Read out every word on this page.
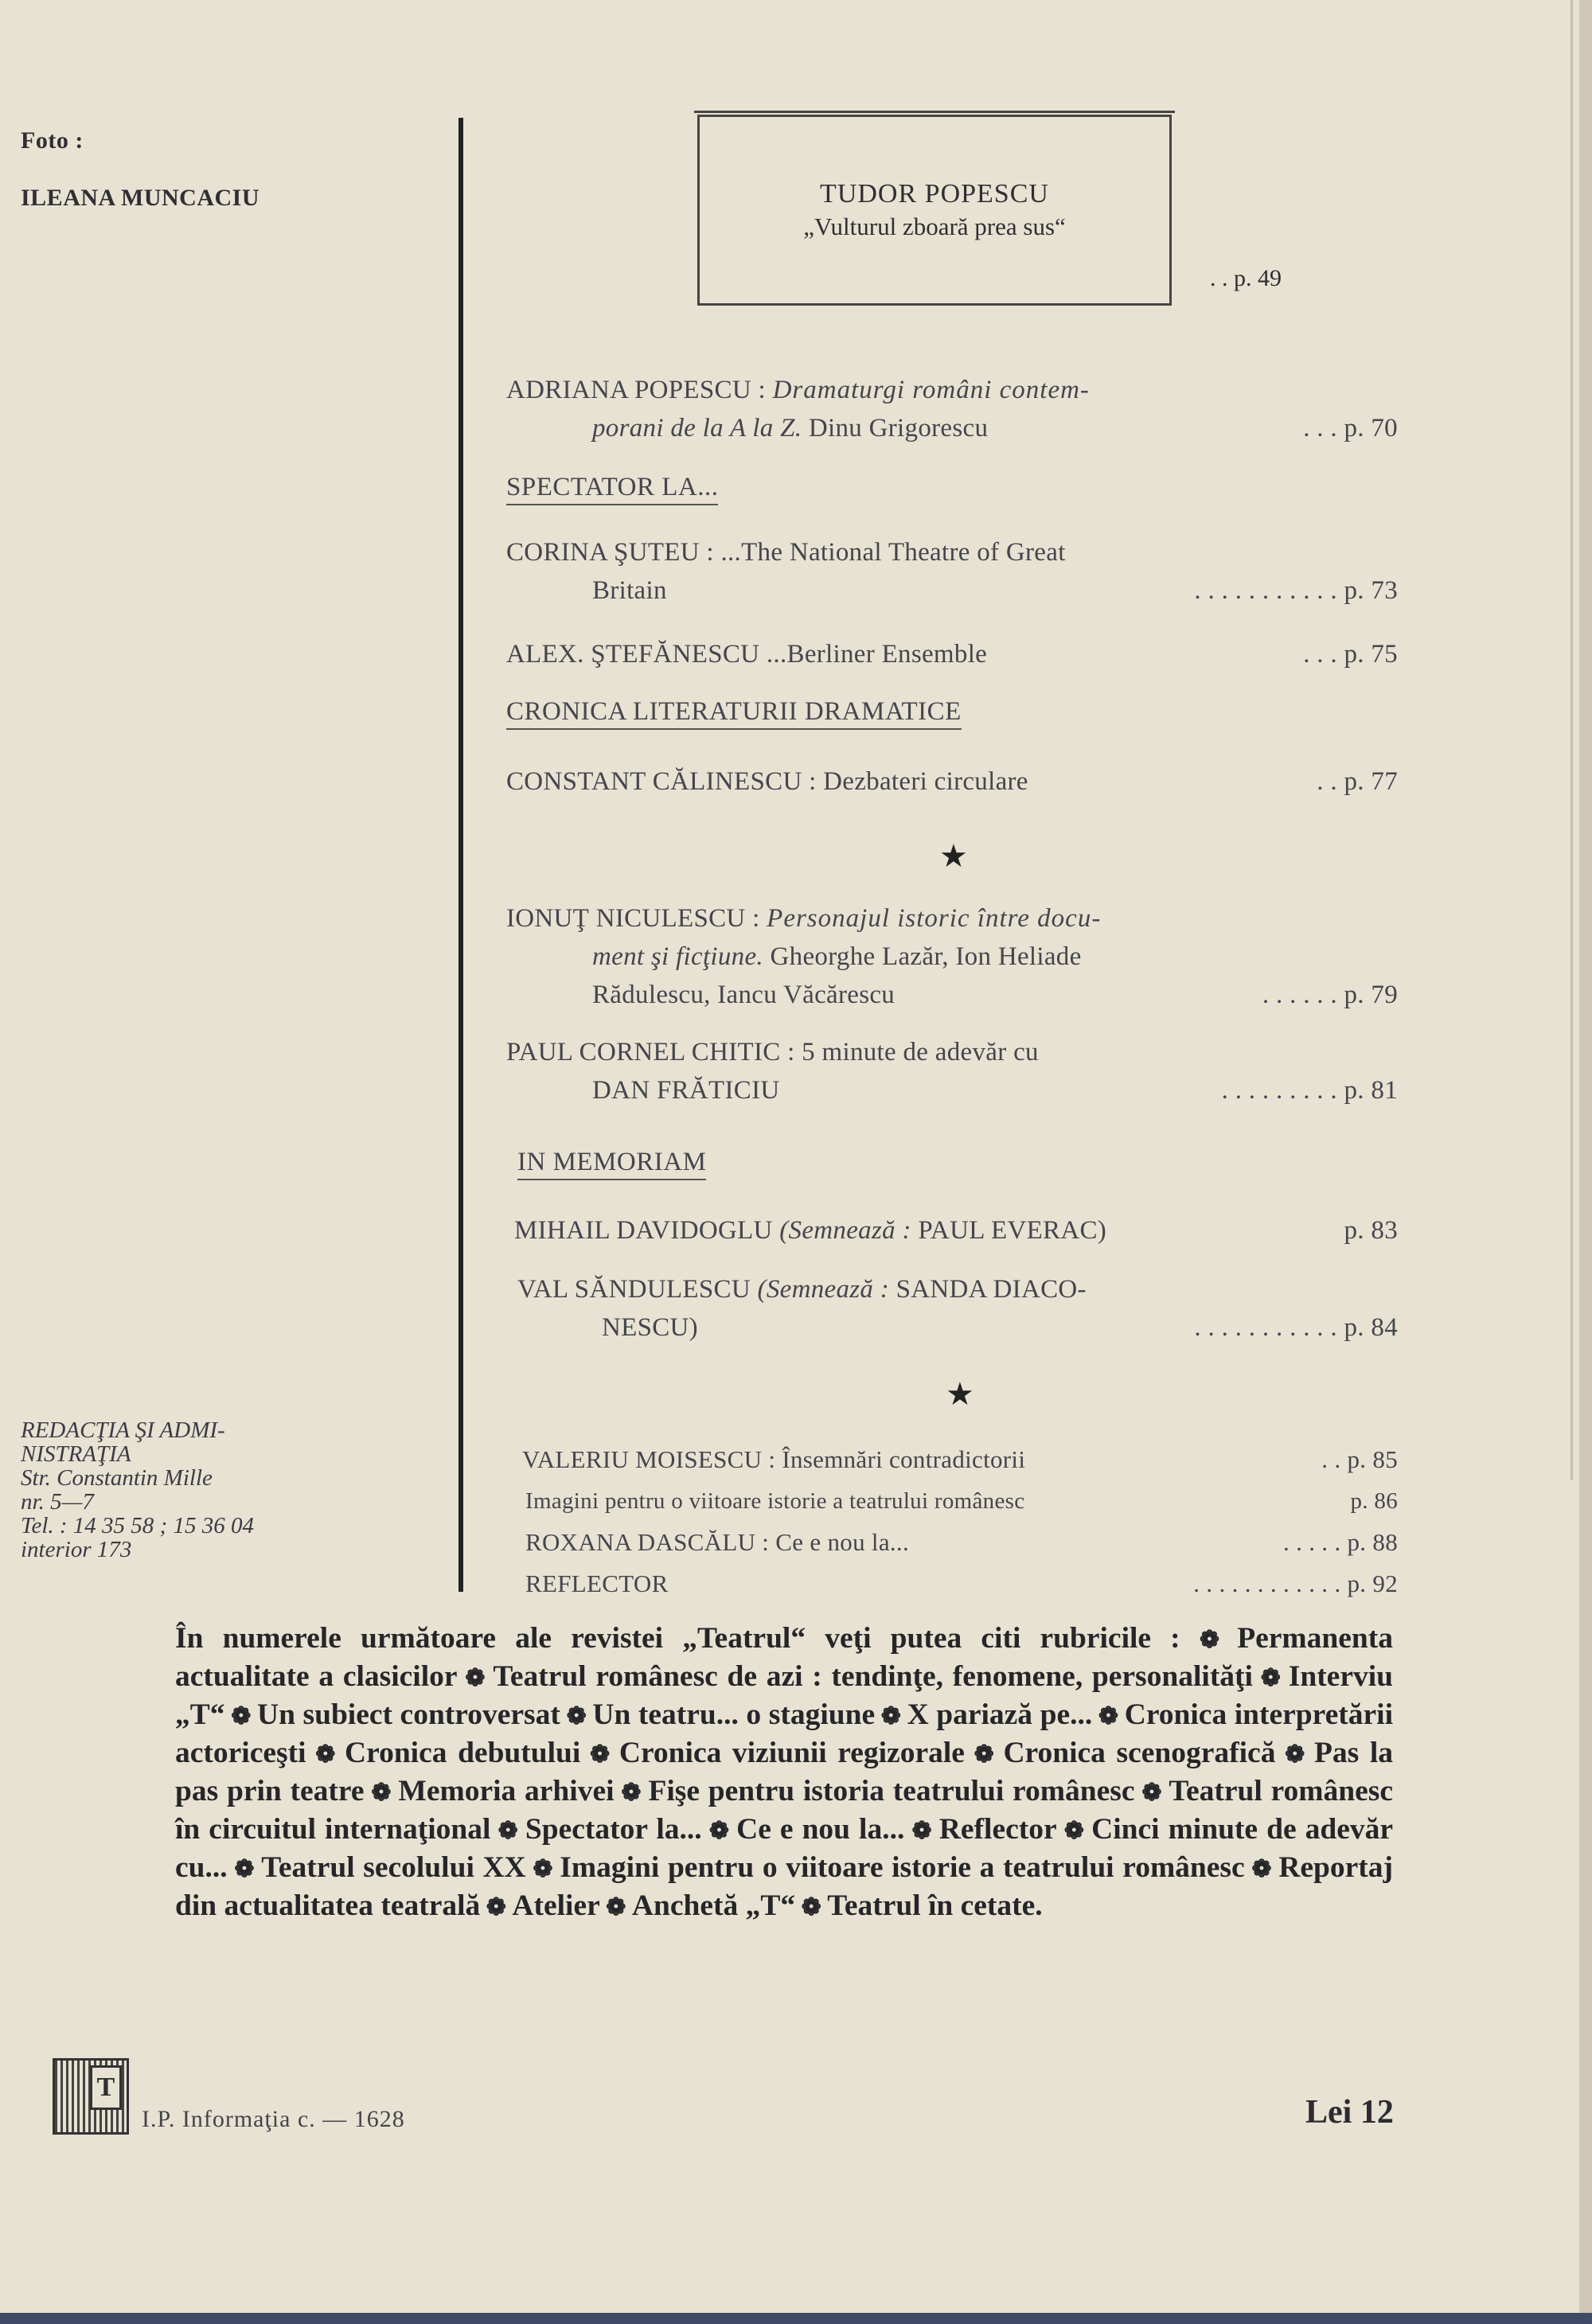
Foto :
ILEANA MUNCACIU	TUDOR POPESCU
„Vulturul zboară prea sus“
. . p. 49
ADRIANA POPESCU : Dramaturgi români contem-
porani de la A la Z. Dinu Grigorescu	. . . p. 70
SPECTATOR LA...
CORINA ŞUTEU : ...The National Theatre of Great
Britain	. . . . . . . . . . . p. 73
ALEX. ŞTEFĂNESCU ...Berliner Ensemble	. . . p. 75
CRONICA LITERATURII DRAMATICE
CONSTANT CĂLINESCU : Dezbateri circulare	. . p. 77
★
IONUŢ NICULESCU : Personajul istoric între docu-
ment şi ficţiune. Gheorghe Lazăr, Ion Heliade
Rădulescu, Iancu Văcărescu	. . . . . . p. 79
PAUL CORNEL CHITIC : 5 minute de adevăr cu
DAN FRĂTICIU	. . . . . . . . . p. 81
IN MEMORIAM
MIHAIL DAVIDOGLU (Semnează : PAUL EVERAC)	p. 83
VAL SĂNDULESCU (Semnează : SANDA DIACO-
NESCU)	. . . . . . . . . . . p. 84
★
VALERIU MOISESCU : Însemnări contradictorii	. . p. 85
Imagini pentru o viitoare istorie a teatrului românesc	p. 86
ROXANA DASCĂLU : Ce e nou la...	. . . . . p. 88
REFLECTOR	. . . . . . . . . . . . p. 92
REDACŢIA ŞI ADMI-
NISTRAŢIA
Str. Constantin Mille
nr. 5—7
Tel. : 14 35 58 ; 15 36 04
interior 173
În numerele următoare ale revistei „Teatrul“ veţi putea citi rubricile : ❁ Permanenta actualitate a clasicilor ❁ Teatrul românesc de azi : tendinţe, fenomene, personalităţi ❁ Interviu „T“ ❁ Un subiect controversat ❁ Un teatru... o stagiune ❁ X pariază pe... ❁ Cronica interpretării actoriceşti ❁ Cronica debutului ❁ Cronica viziunii regizorale ❁ Cronica scenografică ❁ Pas la pas prin teatre ❁ Memoria arhivei ❁ Fişe pentru istoria teatrului românesc ❁ Teatrul românesc în circuitul internaţional ❁ Spectator la... ❁ Ce e nou la... ❁ Reflector ❁ Cinci minute de adevăr cu... ❁ Teatrul secolului XX ❁ Imagini pentru o viitoare istorie a teatrului românesc ❁ Reportaj din actualitatea teatrală ❁ Atelier ❁ Anchetă „T“ ❁ Teatrul în cetate.
T
I.P. Informaţia c. — 1628	Lei 12
